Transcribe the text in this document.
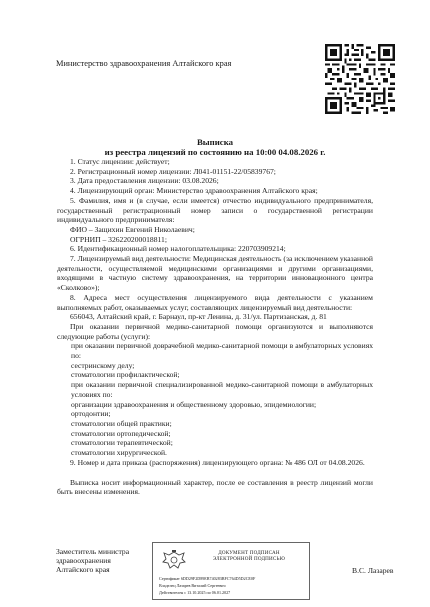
Министерство здравоохранения Алтайского края
Выписка
из реестра лицензий по состоянию на 10:00 04.08.2026 г.

1. Статус лицензии: действует;

2. Регистрационный номер лицензии: Л041-01151-22/05839767;

3. Дата предоставления лицензии: 03.08.2026;

4. Лицензирующий орган: Министерство здравоохранения Алтайского края;

5. Фамилия, имя и (в случае, если имеется) отчество индивидуального предпринимателя, государственный регистрационный номер записи о государственной регистрации индивидуального предпринимателя:

ФИО – Защихин Евгений Николаевич;

ОГРНИП – 326220200018811;

6. Идентификационный номер налогоплательщика: 220703909214;

7. Лицензируемый вид деятельности: Медицинская деятельность (за исключением указанной деятельности, осуществляемой медицинскими организациями и другими организациями, входящими в частную систему здравоохранения, на территории инновационного центра «Сколково»);

8. Адреса мест осуществления лицензируемого вида деятельности с указанием выполняемых работ, оказываемых услуг, составляющих лицензируемый вид деятельности:

656043, Алтайский край, г. Барнаул, пр-кт Ленина, д. 31/ул. Партизанская, д. 81

При оказании первичной медико-санитарной помощи организуются и выполняются следующие работы (услуги):

при оказании первичной доврачебной медико-санитарной помощи в амбулаторных условиях по:

сестринскому делу;

стоматологии профилактической;

при оказании первичной специализированной медико-санитарной помощи в амбулаторных условиях по:

организации здравоохранения и общественному здоровью, эпидемиологии;

ортодонтии;

стоматологии общей практики;

стоматологии ортопедической;

стоматологии терапевтической;

стоматологии хирургической.

9. Номер и дата приказа (распоряжения) лицензирующего органа: № 486 ОЛ от 04.08.2026.

Выписка носит информационный характер, после ее составления в реестр лицензий могли быть внесены изменения.

Заместитель министра
здравоохранения
Алтайского края
ДОКУМЕНТ ПОДПИСАН
ЭЛЕКТРОННОЙ ПОДПИСЬЮ
Сертификат 6DD29F2D89EB740283BFC764D5D2CE0F
Владелец Лазарев Виталий Сергеевич
Действителен с 13.10.2025 по 06.01.2027
В.С. Лазарев
